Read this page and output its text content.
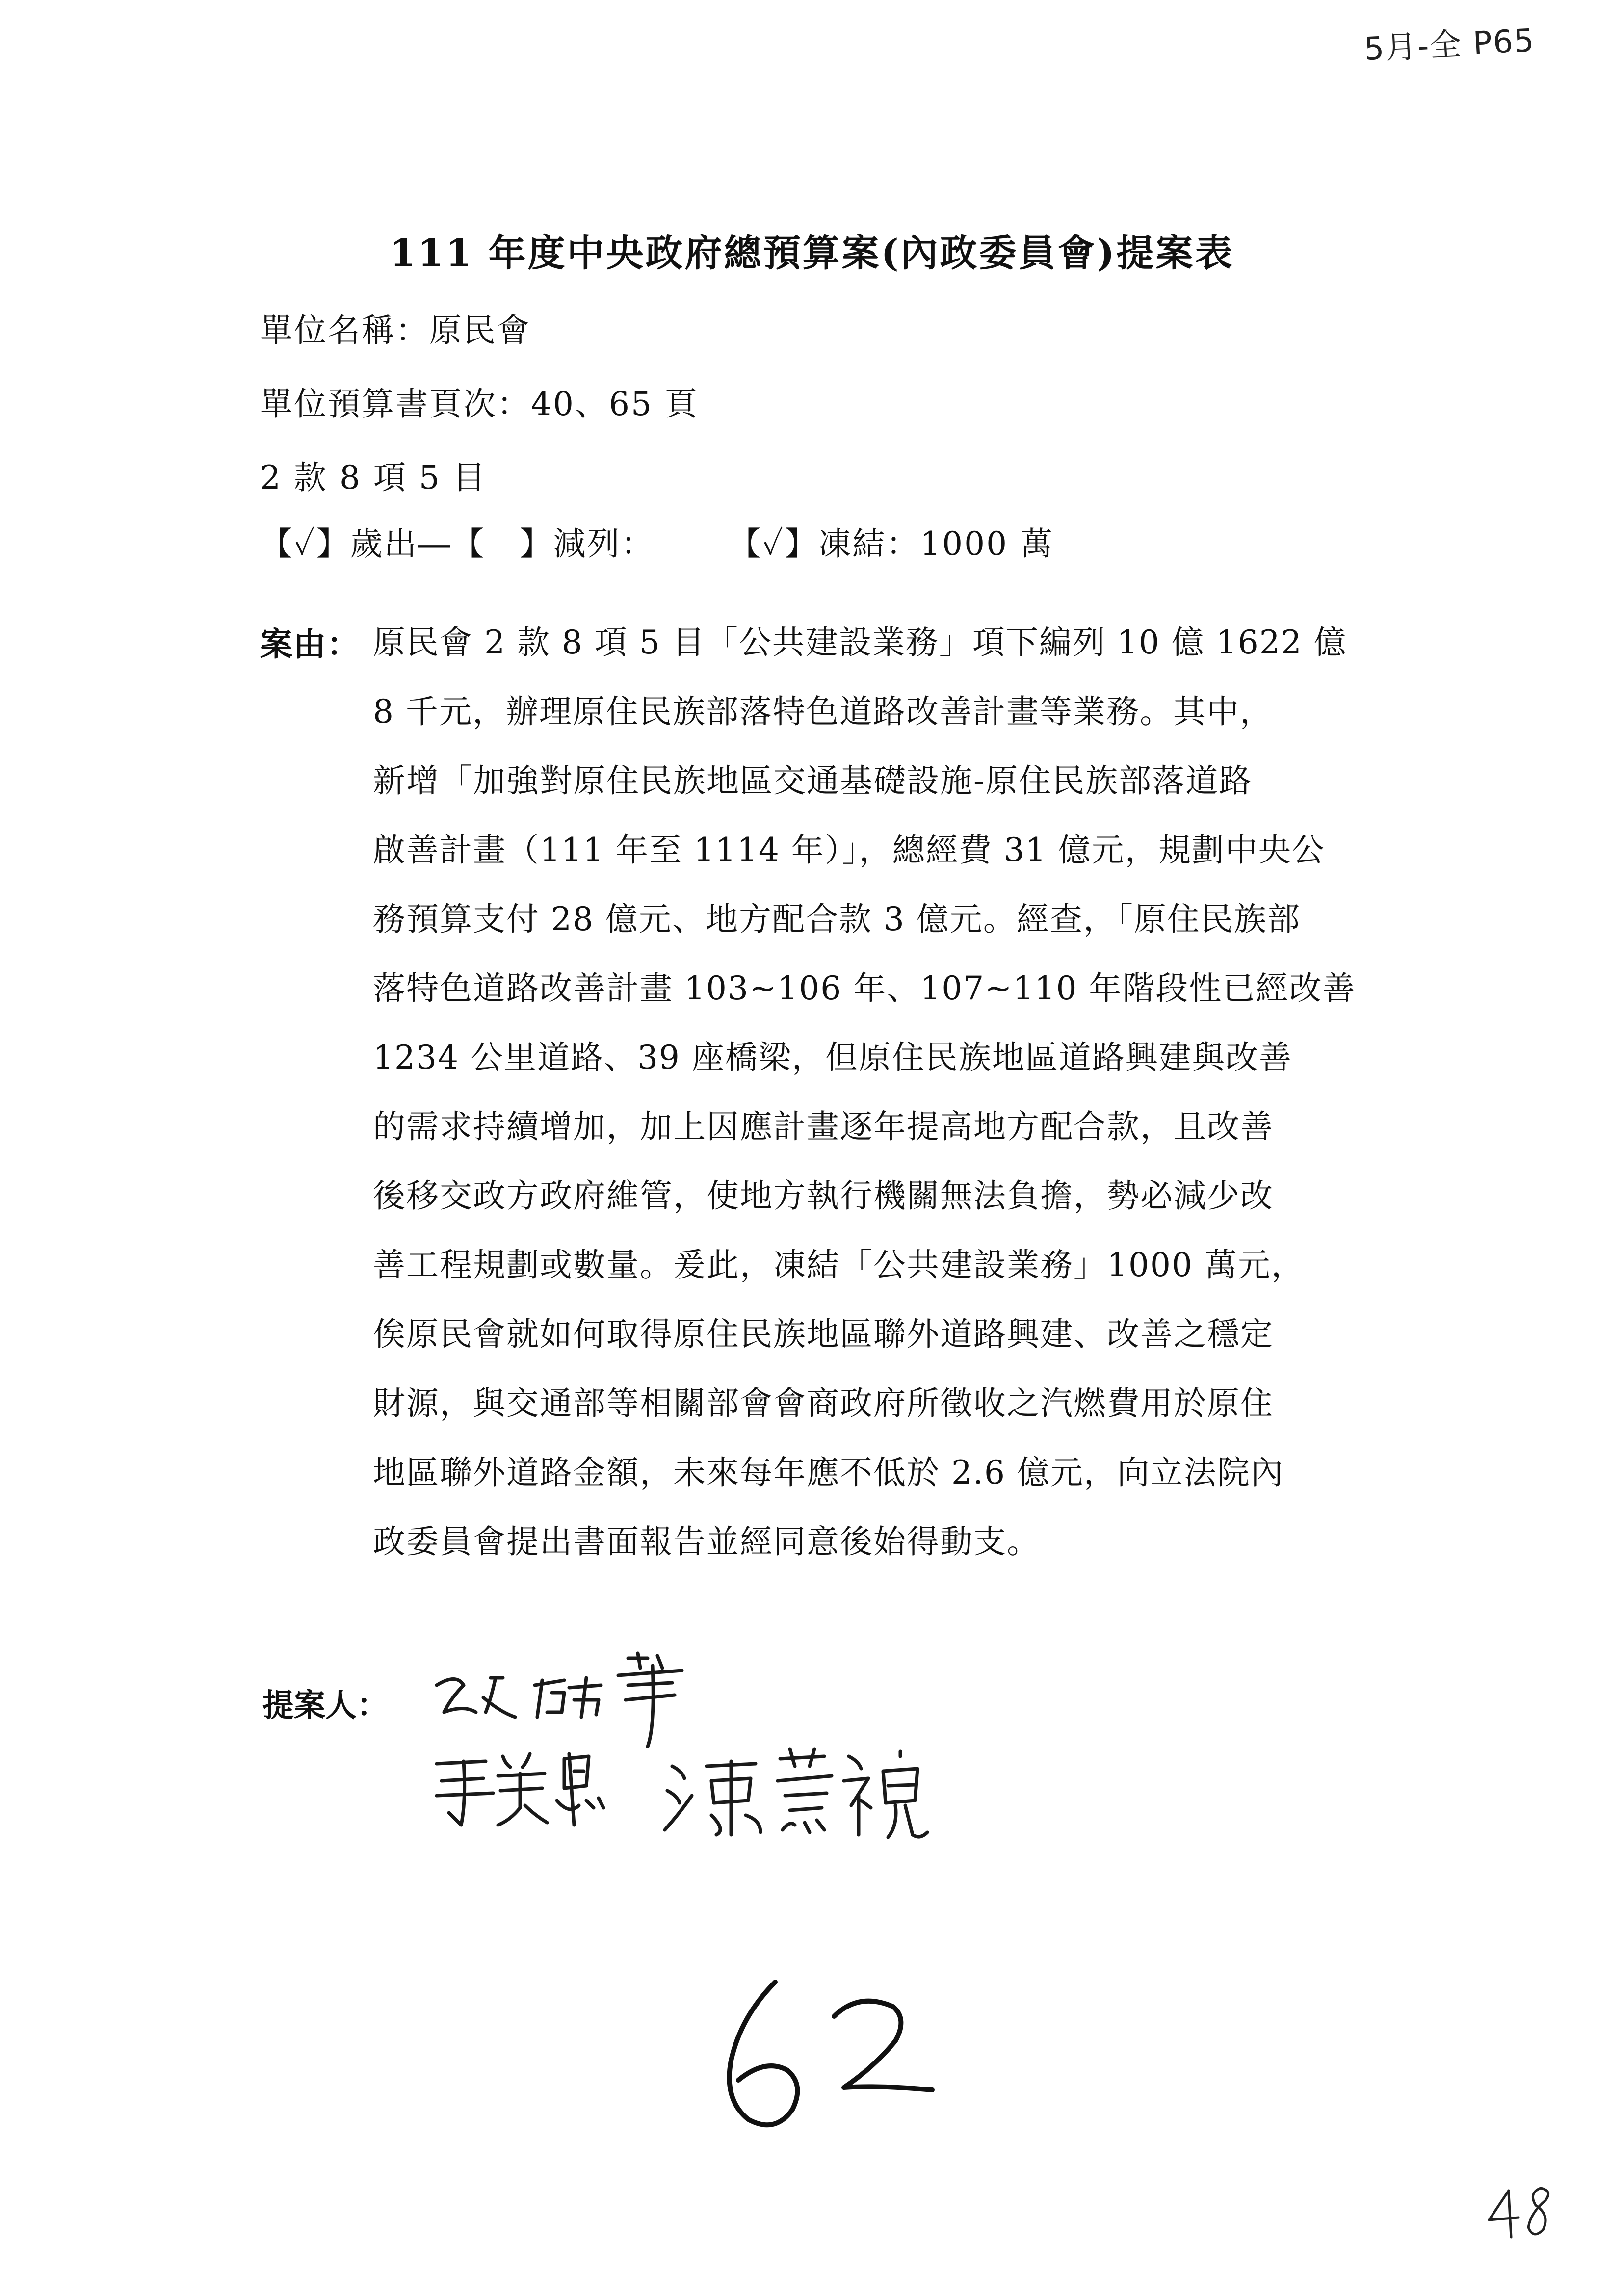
5月-全 P65
111 年度中央政府總預算案(內政委員會)提案表
單位名稱：原民會
單位預算書頁次：40、65 頁
2 款 8 項 5 目
【✓】歲出―【　】減列： 【✓】凍結：1000 萬
案由： 原民會 2 款 8 項 5 目「公共建設業務」項下編列 10 億 1622 億
8 千元，辦理原住民族部落特色道路改善計畫等業務。其中，
新增「加強對原住民族地區交通基礎設施-原住民族部落道路
啟善計畫（111 年至 1114 年）」，總經費 31 億元，規劃中央公
務預算支付 28 億元、地方配合款 3 億元。經查，「原住民族部
落特色道路改善計畫 103~106 年、107~110 年階段性已經改善
1234 公里道路、39 座橋梁，但原住民族地區道路興建與改善
的需求持續增加，加上因應計畫逐年提高地方配合款，且改善
後移交政方政府維管，使地方執行機關無法負擔，勢必減少改
善工程規劃或數量。爰此，凍結「公共建設業務」1000 萬元，
俟原民會就如何取得原住民族地區聯外道路興建、改善之穩定
財源，與交通部等相關部會會商政府所徵收之汽燃費用於原住
地區聯外道路金額，未來每年應不低於 2.6 億元，向立法院內
政委員會提出書面報告並經同意後始得動支。
提案人：
